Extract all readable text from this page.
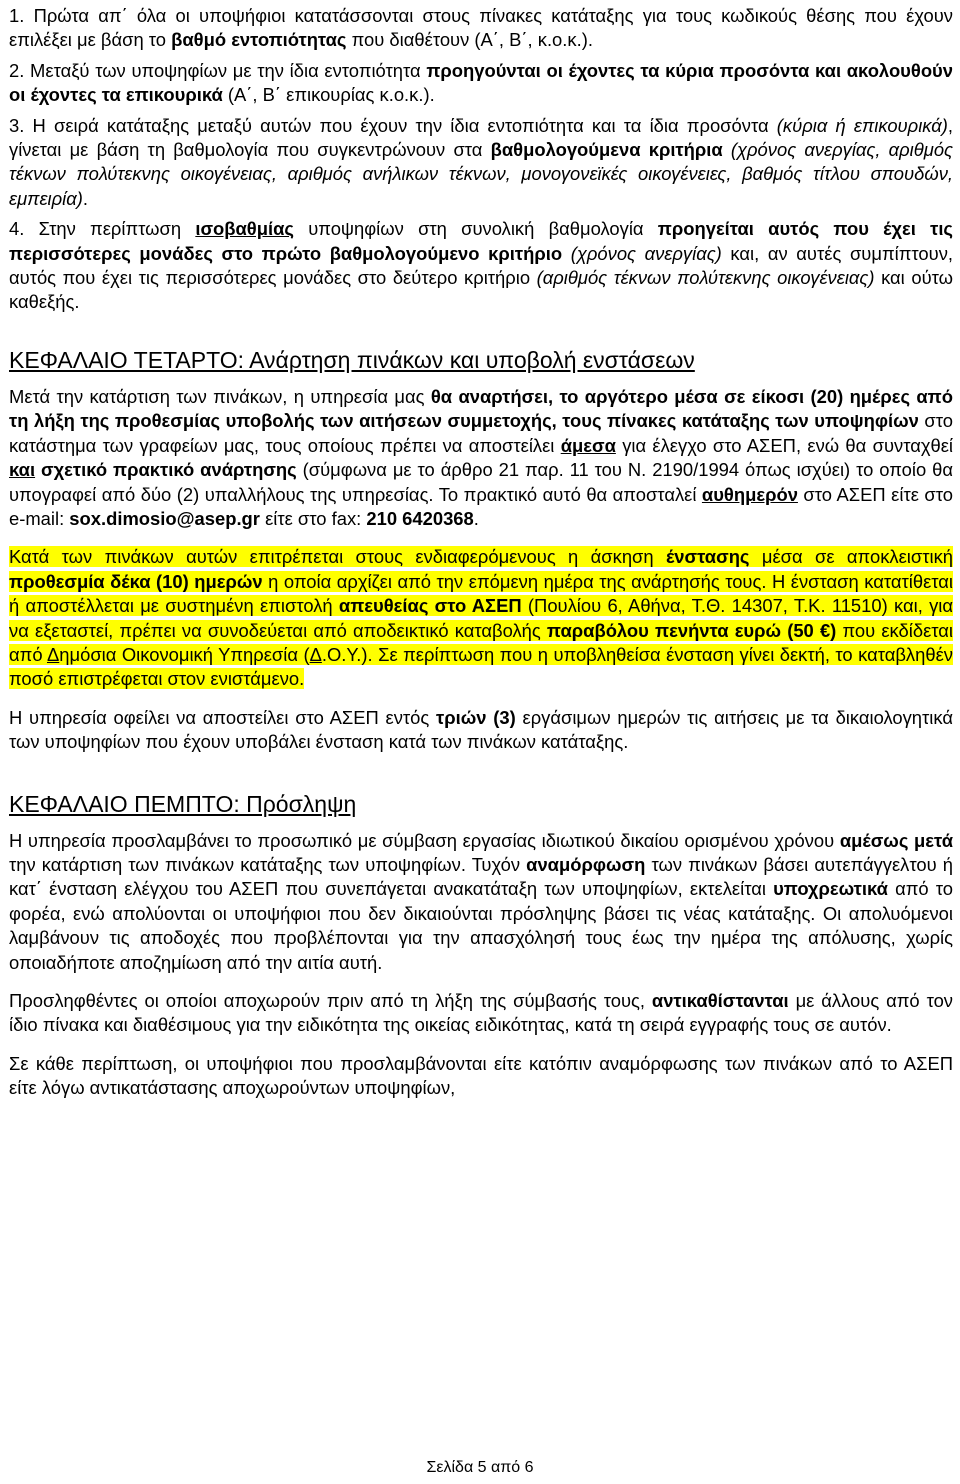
1. Πρώτα απ΄ όλα οι υποψήφιοι κατατάσσονται στους πίνακες κατάταξης για τους κωδικούς θέσης που έχουν επιλέξει με βάση το βαθμό εντοπιότητας που διαθέτουν (Α΄, Β΄, κ.ο.κ.).

2. Μεταξύ των υποψηφίων με την ίδια εντοπιότητα προηγούνται οι έχοντες τα κύρια προσόντα και ακολουθούν οι έχοντες τα επικουρικά (Α΄, Β΄ επικουρίας κ.ο.κ.).

3. Η σειρά κατάταξης μεταξύ αυτών που έχουν την ίδια εντοπιότητα και τα ίδια προσόντα (κύρια ή επικουρικά), γίνεται με βάση τη βαθμολογία που συγκεντρώνουν στα βαθμολογούμενα κριτήρια (χρόνος ανεργίας, αριθμός τέκνων πολύτεκνης οικογένειας, αριθμός ανήλικων τέκνων, μονογονεϊκές οικογένειες, βαθμός τίτλου σπουδών, εμπειρία).

4. Στην περίπτωση ισοβαθμίας υποψηφίων στη συνολική βαθμολογία προηγείται αυτός που έχει τις περισσότερες μονάδες στο πρώτο βαθμολογούμενο κριτήριο (χρόνος ανεργίας) και, αν αυτές συμπίπτουν, αυτός που έχει τις περισσότερες μονάδες στο δεύτερο κριτήριο (αριθμός τέκνων πολύτεκνης οικογένειας) και ούτω καθεξής.

ΚΕΦΑΛΑΙΟ ΤΕΤΑΡΤΟ: Ανάρτηση πινάκων και υποβολή ενστάσεων

Μετά την κατάρτιση των πινάκων, η υπηρεσία μας θα αναρτήσει, το αργότερο μέσα σε είκοσι (20) ημέρες από τη λήξη της προθεσμίας υποβολής των αιτήσεων συμμετοχής, τους πίνακες κατάταξης των υποψηφίων στο κατάστημα των γραφείων μας, τους οποίους πρέπει να αποστείλει άμεσα για έλεγχο στο ΑΣΕΠ, ενώ θα συνταχθεί και σχετικό πρακτικό ανάρτησης (σύμφωνα με το άρθρο 21 παρ. 11 του Ν. 2190/1994 όπως ισχύει) το οποίο θα υπογραφεί από δύο (2) υπαλλήλους της υπηρεσίας. Το πρακτικό αυτό θα αποσταλεί αυθημερόν στο ΑΣΕΠ είτε στο e-mail: sox.dimosio@asep.gr είτε στο fax: 210 6420368.

Κατά των πινάκων αυτών επιτρέπεται στους ενδιαφερόμενους η άσκηση ένστασης μέσα σε αποκλειστική προθεσμία δέκα (10) ημερών η οποία αρχίζει από την επόμενη ημέρα της ανάρτησής τους. Η ένσταση κατατίθεται ή αποστέλλεται με συστημένη επιστολή απευθείας στο ΑΣΕΠ (Πουλίου 6, Αθήνα, Τ.Θ. 14307, Τ.Κ. 11510) και, για να εξεταστεί, πρέπει να συνοδεύεται από αποδεικτικό καταβολής παραβόλου πενήντα ευρώ (50 €) που εκδίδεται από Δημόσια Οικονομική Υπηρεσία (Δ.Ο.Υ.). Σε περίπτωση που η υποβληθείσα ένσταση γίνει δεκτή, το καταβληθέν ποσό επιστρέφεται στον ενιστάμενο.

Η υπηρεσία οφείλει να αποστείλει στο ΑΣΕΠ εντός τριών (3) εργάσιμων ημερών τις αιτήσεις με τα δικαιολογητικά των υποψηφίων που έχουν υποβάλει ένσταση κατά των πινάκων κατάταξης.

ΚΕΦΑΛΑΙΟ ΠΕΜΠΤΟ: Πρόσληψη

Η υπηρεσία προσλαμβάνει το προσωπικό με σύμβαση εργασίας ιδιωτικού δικαίου ορισμένου χρόνου αμέσως μετά την κατάρτιση των πινάκων κατάταξης των υποψηφίων. Τυχόν αναμόρφωση των πινάκων βάσει αυτεπάγγελτου ή κατ΄ ένσταση ελέγχου του ΑΣΕΠ που συνεπάγεται ανακατάταξη των υποψηφίων, εκτελείται υποχρεωτικά από το φορέα, ενώ απολύονται οι υποψήφιοι που δεν δικαιούνται πρόσληψης βάσει τις νέας κατάταξης. Οι απολυόμενοι λαμβάνουν τις αποδοχές που προβλέπονται για την απασχόλησή τους έως την ημέρα της απόλυσης, χωρίς οποιαδήποτε αποζημίωση από την αιτία αυτή.

Προσληφθέντες οι οποίοι αποχωρούν πριν από τη λήξη της σύμβασής τους, αντικαθίστανται με άλλους από τον ίδιο πίνακα και διαθέσιμους για την ειδικότητα της οικείας ειδικότητας, κατά τη σειρά εγγραφής τους σε αυτόν.

Σε κάθε περίπτωση, οι υποψήφιοι που προσλαμβάνονται είτε κατόπιν αναμόρφωσης των πινάκων από το ΑΣΕΠ είτε λόγω αντικατάστασης αποχωρούντων υποψηφίων,

Σελίδα 5 από 6
